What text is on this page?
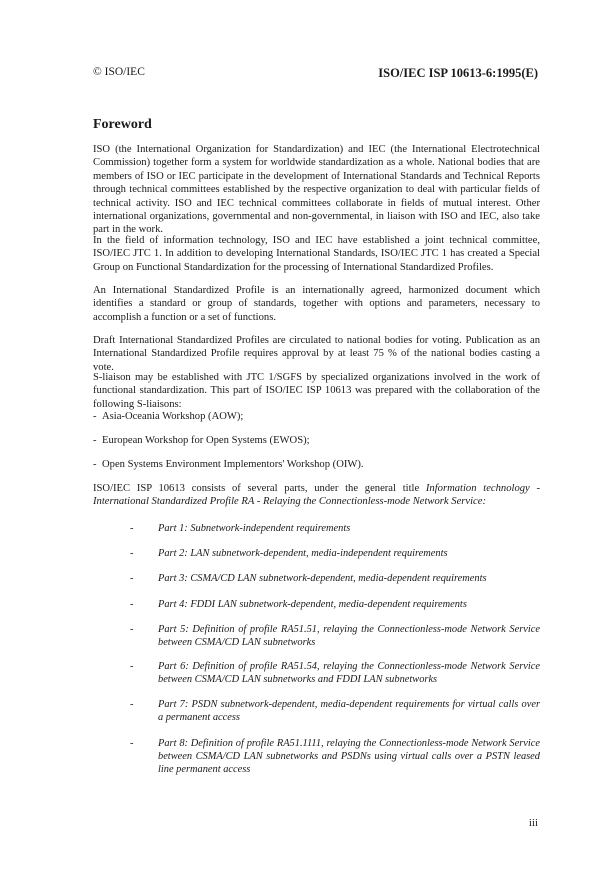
© ISO/IEC	ISO/IEC ISP 10613-6:1995(E)
Foreword

ISO (the International Organization for Standardization) and IEC (the International Electrotechnical Commission) together form a system for worldwide standardization as a whole. National bodies that are members of ISO or IEC participate in the development of International Standards and Technical Reports through technical committees established by the respective organization to deal with particular fields of technical activity. ISO and IEC technical committees collaborate in fields of mutual interest. Other international organizations, governmental and non-governmental, in liaison with ISO and IEC, also take part in the work.

In the field of information technology, ISO and IEC have established a joint technical committee, ISO/IEC JTC 1. In addition to developing International Standards, ISO/IEC JTC 1 has created a Special Group on Functional Standardization for the processing of International Standardized Profiles.

An International Standardized Profile is an internationally agreed, harmonized document which identifies a standard or group of standards, together with options and parameters, necessary to accomplish a function or a set of functions.

Draft International Standardized Profiles are circulated to national bodies for voting. Publication as an International Standardized Profile requires approval by at least 75 % of the national bodies casting a vote.

S-liaison may be established with JTC 1/SGFS by specialized organizations involved in the work of functional standardization. This part of ISO/IEC ISP 10613 was prepared with the collaboration of the following S-liaisons:

- Asia-Oceania Workshop (AOW);
- European Workshop for Open Systems (EWOS);
- Open Systems Environment Implementors' Workshop (OIW).

ISO/IEC ISP 10613 consists of several parts, under the general title Information technology - International Standardized Profile RA - Relaying the Connectionless-mode Network Service:

- Part 1: Subnetwork-independent requirements
- Part 2: LAN subnetwork-dependent, media-independent requirements
- Part 3: CSMA/CD LAN subnetwork-dependent, media-dependent requirements
- Part 4: FDDI LAN subnetwork-dependent, media-dependent requirements
- Part 5: Definition of profile RA51.51, relaying the Connectionless-mode Network Service between CSMA/CD LAN subnetworks
- Part 6: Definition of profile RA51.54, relaying the Connectionless-mode Network Service between CSMA/CD LAN subnetworks and FDDI LAN subnetworks
- Part 7: PSDN subnetwork-dependent, media-dependent requirements for virtual calls over a permanent access
- Part 8: Definition of profile RA51.1111, relaying the Connectionless-mode Network Service between CSMA/CD LAN subnetworks and PSDNs using virtual calls over a PSTN leased line permanent access
iii
